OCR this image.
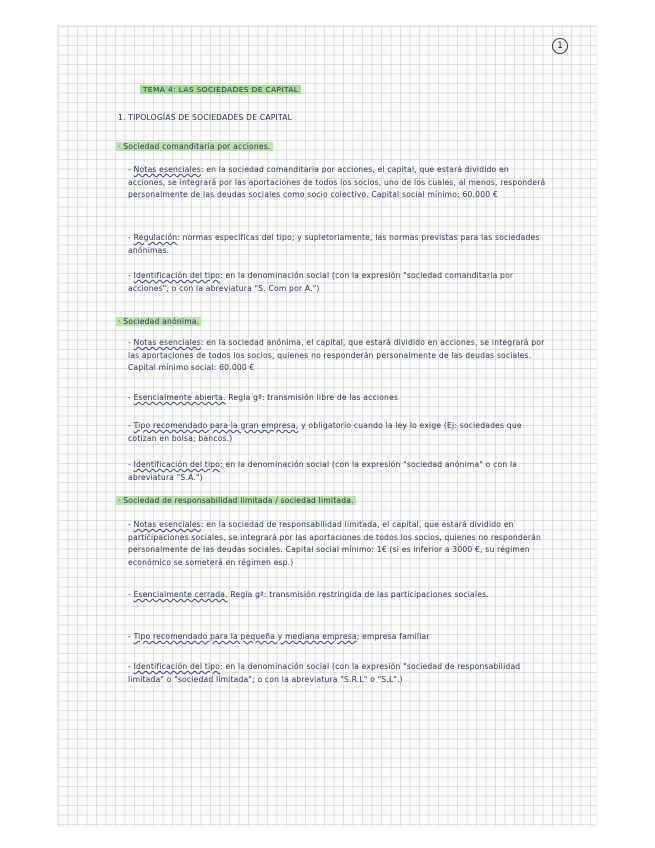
1

TEMA 4: LAS SOCIEDADES DE CAPITAL

1. TIPOLOGÍAS DE SOCIEDADES DE CAPITAL

· Sociedad comanditaria por acciones.

- Notas esenciales: en la sociedad comanditaria por acciones, el capital, que estará dividido en acciones, se integrará por las aportaciones de todos los socios, uno de los cuales, al menos, responderá personalmente de las deudas sociales como socio colectivo. Capital social mínimo: 60.000 €

- Regulación: normas específicas del tipo; y supletoriamente, las normas previstas para las sociedades anónimas.

- Identificación del tipo: en la denominación social (con la expresión "sociedad comanditaria por acciones", o con la abreviatura "S. Com por A.")

· Sociedad anónima.

- Notas esenciales: en la sociedad anónima, el capital, que estará dividido en acciones, se integrará por las aportaciones de todos los socios, quienes no responderán personalmente de las deudas sociales. Capital mínimo social: 60.000 €

- Esencialmente abierta. Regla gª: transmisión libre de las acciones

- Tipo recomendado para la gran empresa, y obligatorio cuando la ley lo exige (Ej: sociedades que cotizan en bolsa; bancos.)

- Identificación del tipo: en la denominación social (con la expresión "sociedad anónima" o con la abreviatura "S.A.")

· Sociedad de responsabilidad limitada / sociedad limitada.

- Notas esenciales: en la sociedad de responsabilidad limitada, el capital, que estará dividido en participaciones sociales, se integrará por las aportaciones de todos los socios, quienes no responderán personalmente de las deudas sociales. Capital social mínimo: 1€ (si es inferior a 3000 €, su régimen económico se someterá en régimen esp.)

- Esencialmente cerrada. Regla gª: transmisión restringida de las participaciones sociales.

- Tipo recomendado para la pequeña y mediana empresa; empresa familiar

- Identificación del tipo: en la denominación social (con la expresión "sociedad de responsabilidad limitada" o "sociedad limitada"; o con la abreviatura "S.R.L" o "S.L".)
